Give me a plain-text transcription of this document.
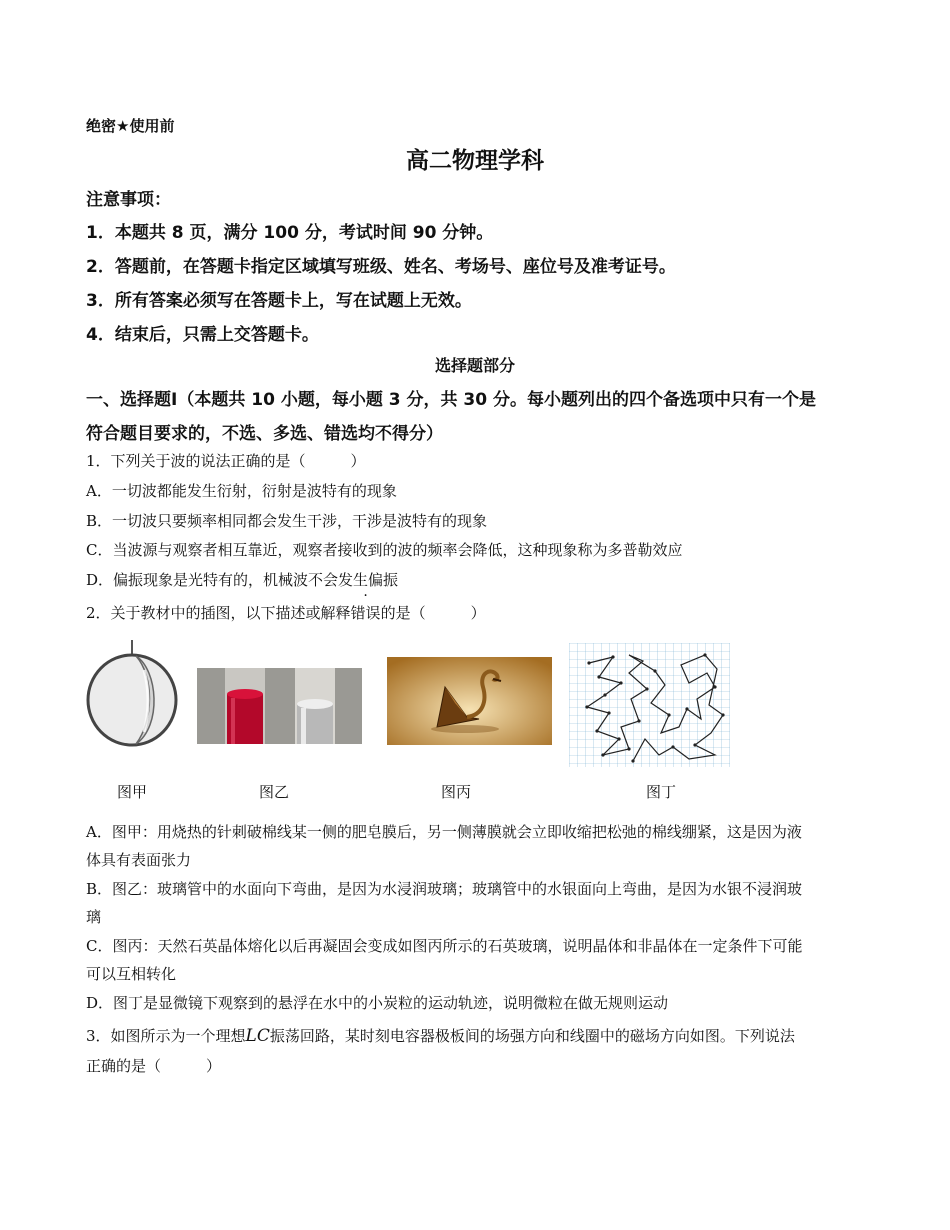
绝密★使用前
高二物理学科
注意事项：
1．本题共 8 页，满分 100 分，考试时间 90 分钟。
2．答题前，在答题卡指定区域填写班级、姓名、考场号、座位号及准考证号。
3．所有答案必须写在答题卡上，写在试题上无效。
4．结束后，只需上交答题卡。
选择题部分
一、选择题Ⅰ（本题共 10 小题，每小题 3 分，共 30 分。每小题列出的四个备选项中只有一个是
符合题目要求的，不选、多选、错选均不得分）
1．下列关于波的说法正确的是（　　　）
A．一切波都能发生衍射，衍射是波特有的现象
B．一切波只要频率相同都会发生干涉，干涉是波特有的现象
C．当波源与观察者相互靠近，观察者接收到的波的频率会降低，这种现象称为多普勒效应
D．偏振现象是光特有的，机械波不会发生偏振
2．关于教材中的插图，以下描述或解释错误的是（　　　）
图甲	图乙	图丙	图丁
A．图甲：用烧热的针刺破棉线某一侧的肥皂膜后，另一侧薄膜就会立即收缩把松弛的棉线绷紧，这是因为液
体具有表面张力
B．图乙：玻璃管中的水面向下弯曲，是因为水浸润玻璃；玻璃管中的水银面向上弯曲，是因为水银不浸润玻
璃
C．图丙：天然石英晶体熔化以后再凝固会变成如图丙所示的石英玻璃，说明晶体和非晶体在一定条件下可能
可以互相转化
D．图丁是显微镜下观察到的悬浮在水中的小炭粒的运动轨迹，说明微粒在做无规则运动
3．如图所示为一个理想LC振荡回路，某时刻电容器极板间的场强方向和线圈中的磁场方向如图。下列说法
正确的是（　　　）
